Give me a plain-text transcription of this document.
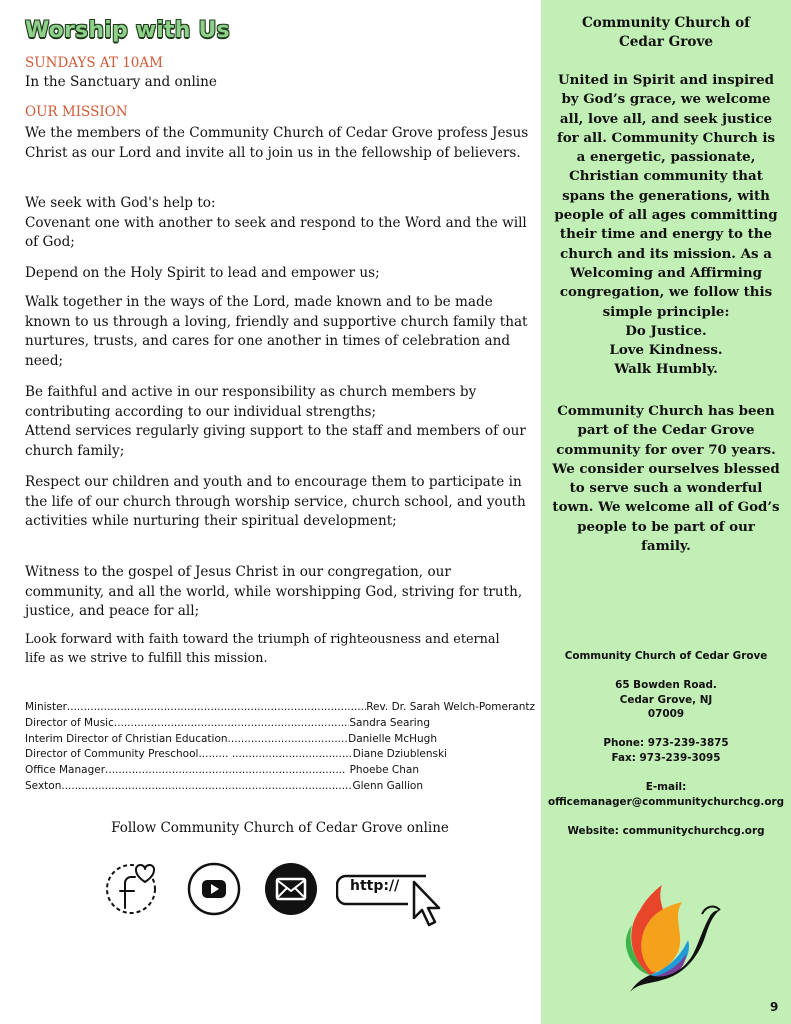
Worship with Us
SUNDAYS AT 10AM
In the Sanctuary and online
OUR MISSION
We the members of the Community Church of Cedar Grove profess Jesus Christ as our Lord and invite all to join us in the fellowship of believers.
We seek with God's help to:
Covenant one with another to seek and respond to the Word and the will of God;
Depend on the Holy Spirit to lead and empower us;
Walk together in the ways of the Lord, made known and to be made known to us through a loving, friendly and supportive church family that nurtures, trusts, and cares for one another in times of celebration and need;
Be faithful and active in our responsibility as church members by contributing according to our individual strengths;
Attend services regularly giving support to the staff and members of our church family;
Respect our children and youth and to encourage them to participate in the life of our church through worship service, church school, and youth activities while nurturing their spiritual development;
Witness to the gospel of Jesus Christ in our congregation, our community, and all the world, while worshipping God, striving for truth, justice, and peace for all;
Look forward with faith toward the triumph of righteousness and eternal life as we strive to fulfill this mission.
Minister .....	Rev. Dr. Sarah Welch-Pomerantz
Director of Music .....	Sandra Searing
Interim Director of Christian Education .....	Danielle McHugh
Director of Community Preschool......... .....	Diane Dziublenski
Office Manager .....	Phoebe Chan
Sexton .....	Glenn Gallion
Follow Community Church of Cedar Grove online
http://
Community Church of
Cedar Grove
United in Spirit and inspired by God’s grace, we welcome all, love all, and seek justice for all. Community Church is a energetic, passionate, Christian community that spans the generations, with people of all ages committing their time and energy to the church and its mission. As a Welcoming and Affirming congregation, we follow this simple principle:
Do Justice.
Love Kindness.
Walk Humbly.
Community Church has been part of the Cedar Grove community for over 70 years. We consider ourselves blessed to serve such a wonderful town. We welcome all of God’s people to be part of our family.
Community Church of Cedar Grove
65 Bowden Road.
Cedar Grove, NJ
07009
Phone: 973-239-3875
Fax: 973-239-3095
E-mail:
officemanager@communitychurchcg.org
Website: communitychurchcg.org
9
